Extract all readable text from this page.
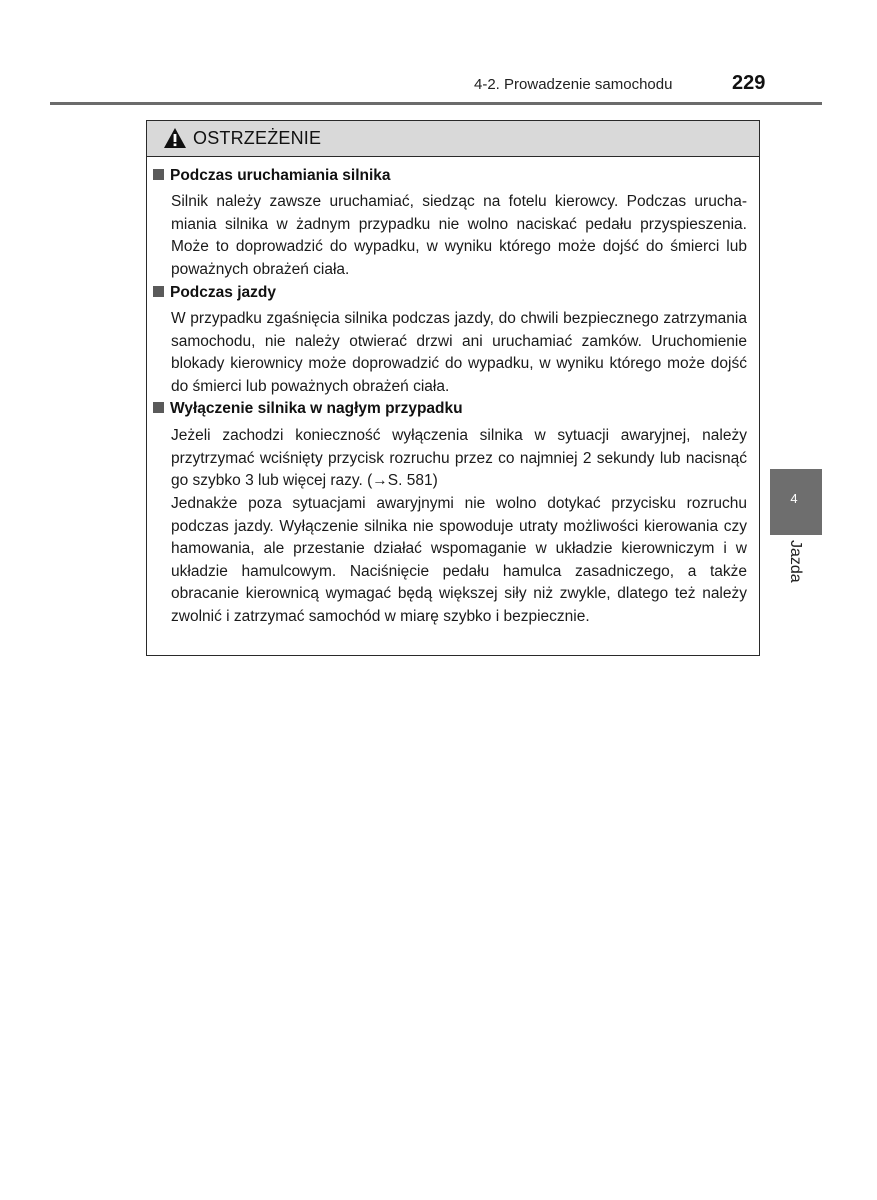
4-2. Prowadzenie samochodu	229
OSTRZEŻENIE
Podczas uruchamiania silnika
Silnik należy zawsze uruchamiać, siedząc na fotelu kierowcy. Podczas uruchamiania silnika w żadnym przypadku nie wolno naciskać pedału przyspieszenia. Może to doprowadzić do wypadku, w wyniku którego może dojść do śmierci lub poważnych obrażeń ciała.
Podczas jazdy
W przypadku zgaśnięcia silnika podczas jazdy, do chwili bezpiecznego zatrzymania samochodu, nie należy otwierać drzwi ani uruchamiać zamków. Uruchomienie blokady kierownicy może doprowadzić do wypadku, w wyniku którego może dojść do śmierci lub poważnych obrażeń ciała.
Wyłączenie silnika w nagłym przypadku
Jeżeli zachodzi konieczność wyłączenia silnika w sytuacji awaryjnej, należy przytrzymać wciśnięty przycisk rozruchu przez co najmniej 2 sekundy lub nacisnąć go szybko 3 lub więcej razy. (→S. 581)
Jednakże poza sytuacjami awaryjnymi nie wolno dotykać przycisku rozruchu podczas jazdy. Wyłączenie silnika nie spowoduje utraty możliwości kierowania czy hamowania, ale przestanie działać wspomaganie w układzie kierowniczym i w układzie hamulcowym. Naciśnięcie pedału hamulca zasadniczego, a także obracanie kierownicą wymagać będą większej siły niż zwykle, dlatego też należy zwolnić i zatrzymać samochód w miarę szybko i bezpiecznie.
4
Jazda
